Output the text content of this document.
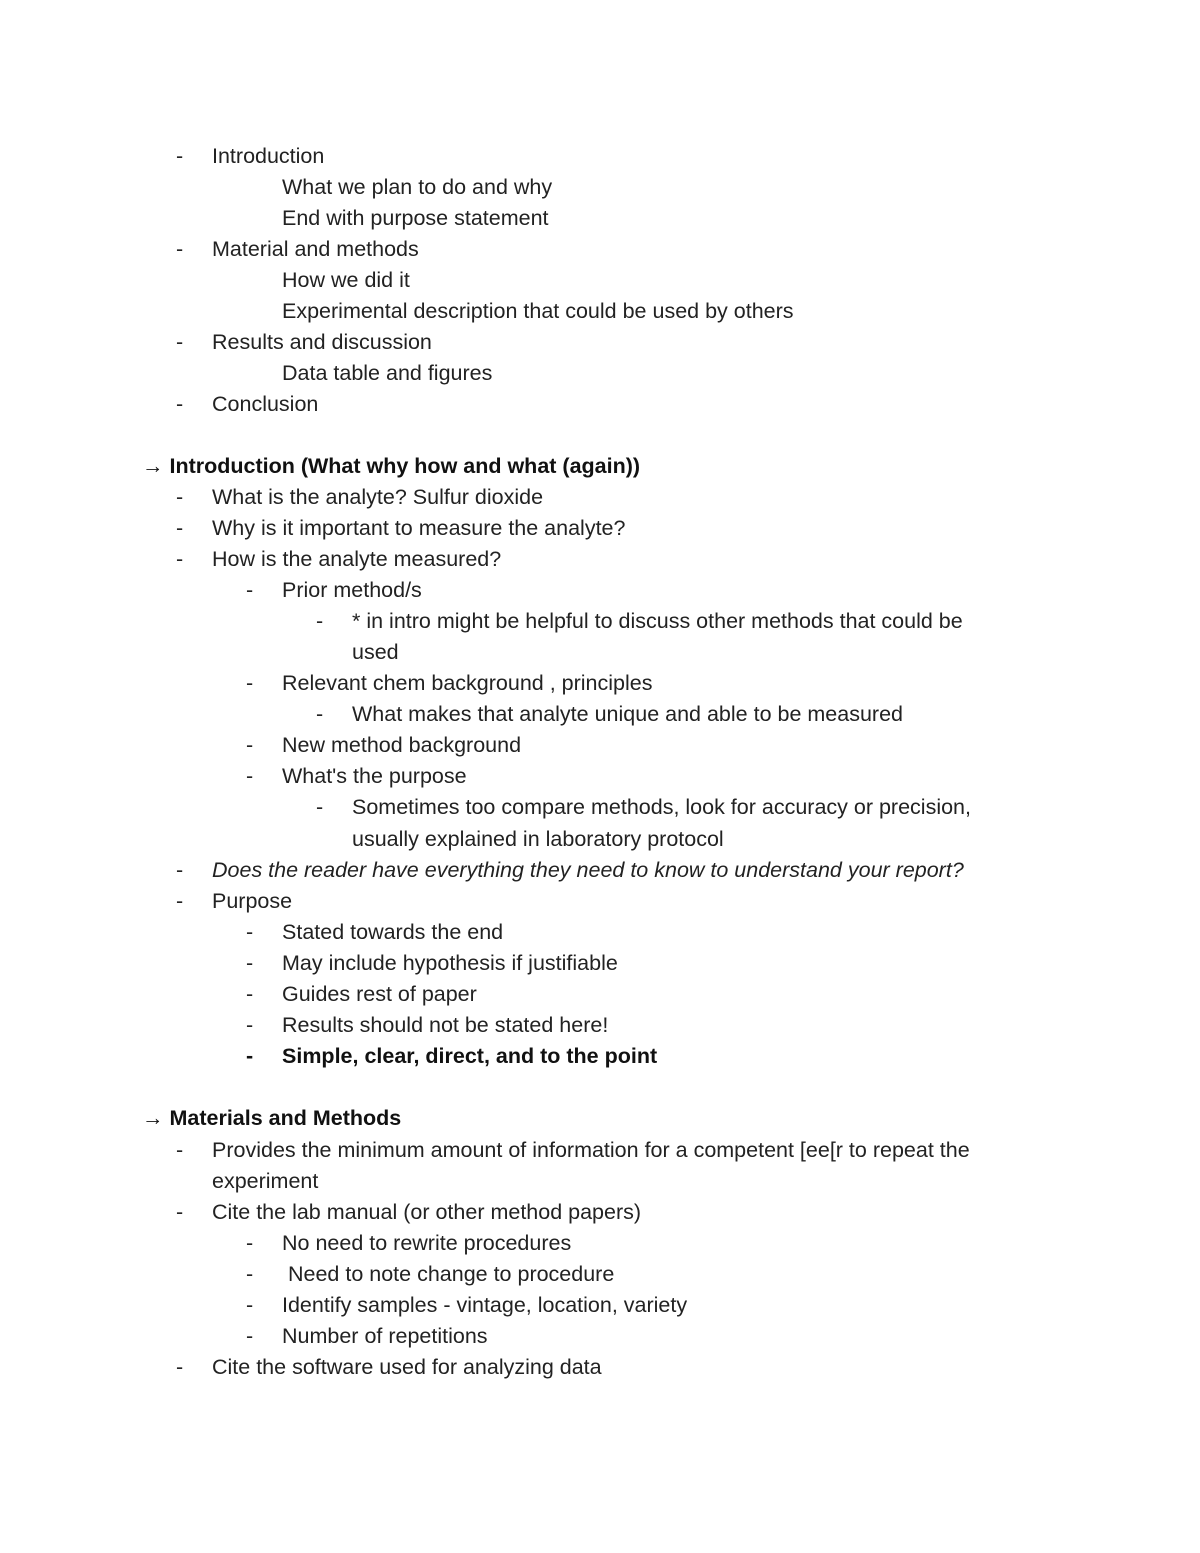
- Introduction
What we plan to do and why
End with purpose statement
- Material and methods
How we did it
Experimental description that could be used by others
- Results and discussion
Data table and figures
- Conclusion
→ Introduction (What why how and what (again))
- What is the analyte? Sulfur dioxide
- Why is it important to measure the analyte?
- How is the analyte measured?
- Prior method/s
- * in intro might be helpful to discuss other methods that could be
used
- Relevant chem background , principles
- What makes that analyte unique and able to be measured
- New method background
- What's the purpose
- Sometimes too compare methods, look for accuracy or precision,
usually explained in laboratory protocol
- Does the reader have everything they need to know to understand your report?
- Purpose
- Stated towards the end
- May include hypothesis if justifiable
- Guides rest of paper
- Results should not be stated here!
- Simple, clear, direct, and to the point
→ Materials and Methods
- Provides the minimum amount of information for a competent [ee[r to repeat the
experiment
- Cite the lab manual (or other method papers)
- No need to rewrite procedures
- Need to note change to procedure
- Identify samples - vintage, location, variety
- Number of repetitions
- Cite the software used for analyzing data
